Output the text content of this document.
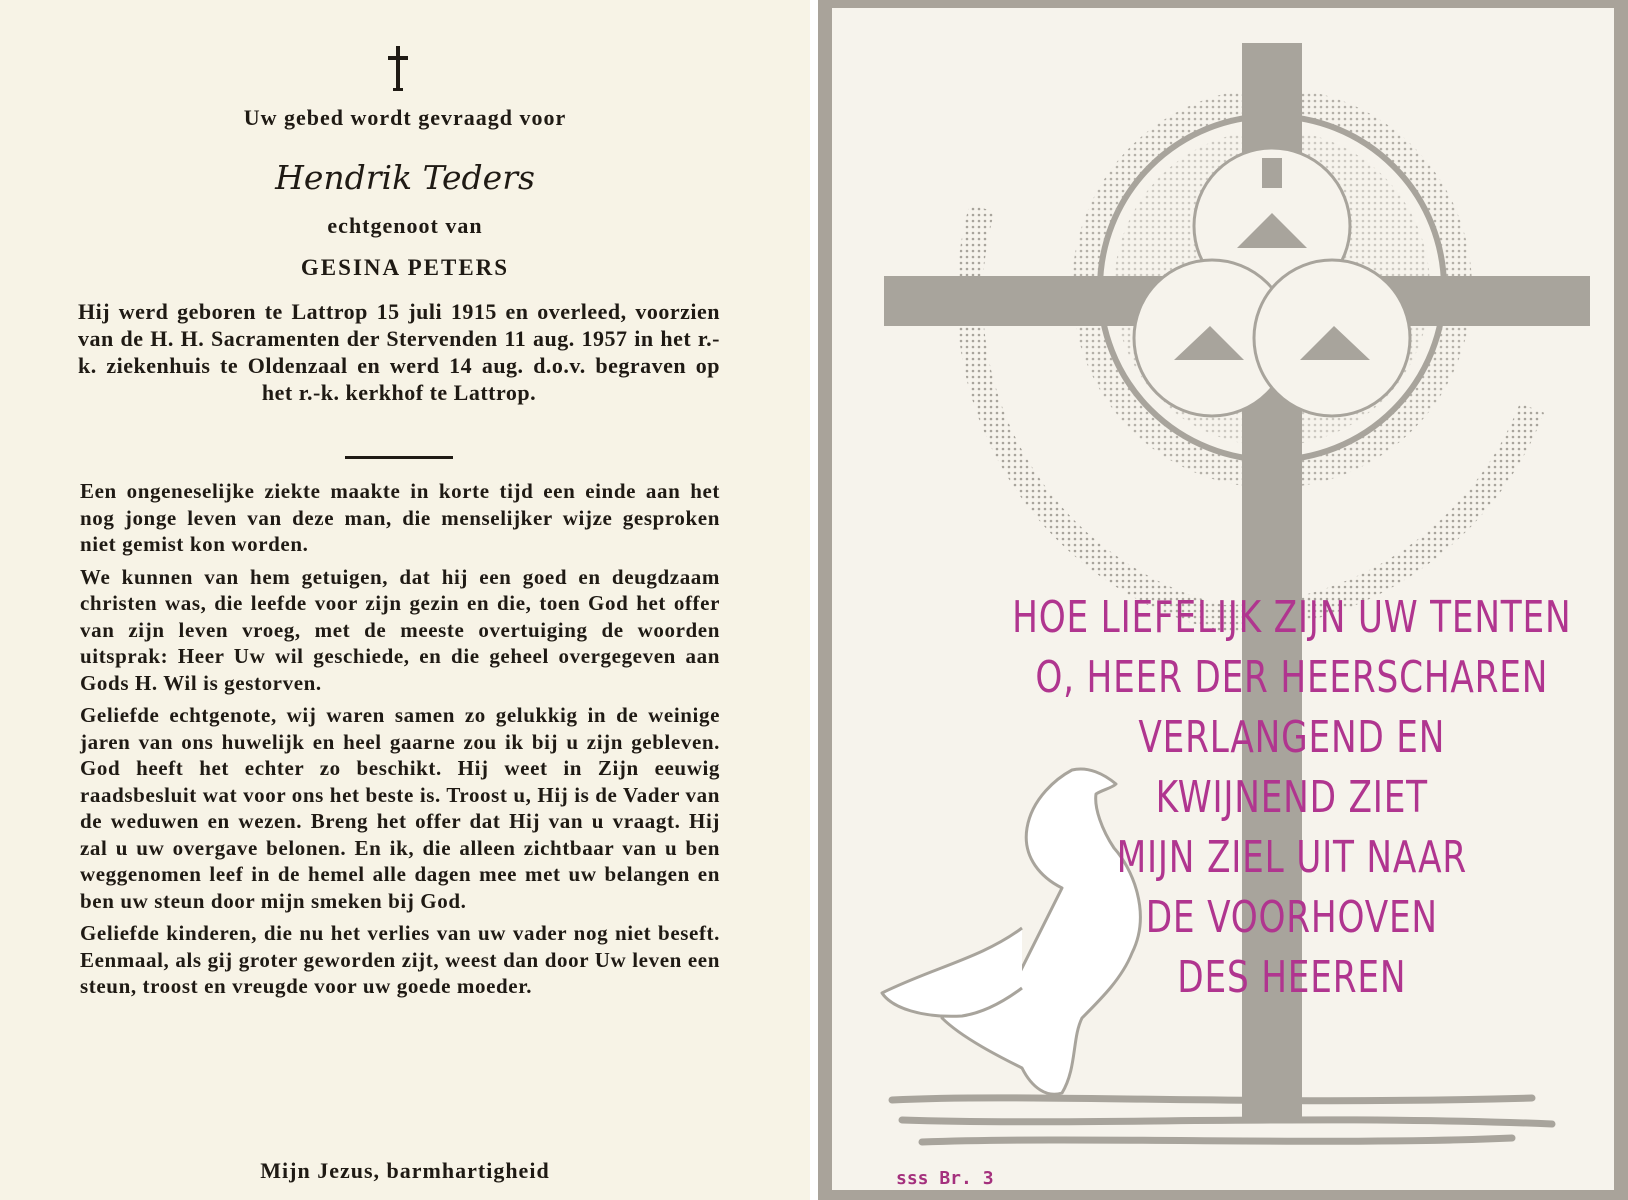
Uw gebed wordt gevraagd voor
Hendrik Teders
echtgenoot van
GESINA PETERS
Hij werd geboren te Lattrop 15 juli 1915 en overleed, voorzien van de H. H. Sacramenten der Stervenden 11 aug. 1957 in het r.-k. ziekenhuis te Oldenzaal en werd 14 aug. d.o.v. begraven op het r.-k. kerkhof te Lattrop.

Een ongeneselijke ziekte maakte in korte tijd een einde aan het nog jonge leven van deze man, die menselijker wijze gesproken niet gemist kon worden.

We kunnen van hem getuigen, dat hij een goed en deugdzaam christen was, die leefde voor zijn gezin en die, toen God het offer van zijn leven vroeg, met de meeste overtuiging de woorden uitsprak: Heer Uw wil geschiede, en die geheel overgegeven aan Gods H. Wil is gestorven.

Geliefde echtgenote, wij waren samen zo gelukkig in de weinige jaren van ons huwelijk en heel gaarne zou ik bij u zijn gebleven. God heeft het echter zo beschikt. Hij weet in Zijn eeuwig raadsbesluit wat voor ons het beste is. Troost u, Hij is de Vader van de weduwen en wezen. Breng het offer dat Hij van u vraagt. Hij zal u uw overgave belonen. En ik, die alleen zichtbaar van u ben weggenomen leef in de hemel alle dagen mee met uw belangen en ben uw steun door mijn smeken bij God.

Geliefde kinderen, die nu het verlies van uw vader nog niet beseft. Eenmaal, als gij groter geworden zijt, weest dan door Uw leven een steun, troost en vreugde voor uw goede moeder.

Mijn Jezus, barmhartigheid
HOE LIEFELIJK ZIJN UW TENTEN
O, HEER DER HEERSCHAREN
VERLANGEND EN
KWIJNEND ZIET
MIJN ZIEL UIT NAAR
DE VOORHOVEN
DES HEEREN
sss Br. 3
